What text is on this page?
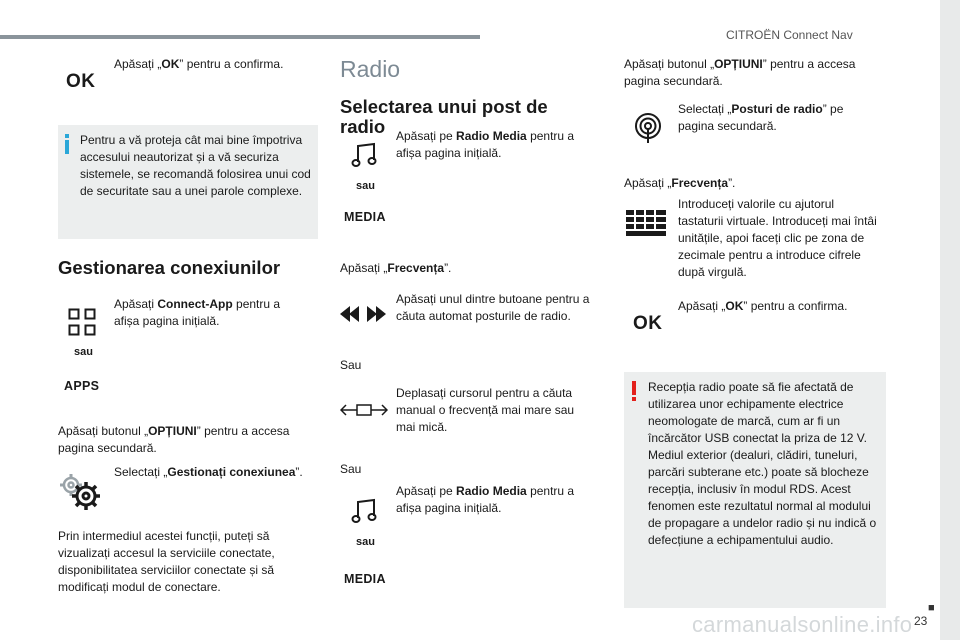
CITROËN Connect Nav
■
23
OK
Apăsați „OK” pentru a confirma.
Pentru a vă proteja cât mai bine împotriva accesului neautorizat și a vă securiza sistemele, se recomandă folosirea unui cod de securitate sau a unei parole complexe.
Gestionarea conexiunilor
Apăsați Connect-App pentru a afișa pagina inițială.
sau
APPS
Apăsați butonul „OPȚIUNI” pentru a accesa pagina secundară.
Selectați „Gestionați conexiunea”.
Prin intermediul acestei funcții, puteți să vizualizați accesul la serviciile conectate, disponibilitatea serviciilor conectate și să modificați modul de conectare.
Radio
Selectarea unui post de
radio Apăsați pe Radio Media pentru a afișa pagina inițială.
sau
MEDIA
Apăsați „Frecvența”.
Apăsați unul dintre butoane pentru a căuta automat posturile de radio.
Sau
Deplasați cursorul pentru a căuta manual o frecvență mai mare sau mai mică.
Sau
Apăsați pe Radio Media pentru a afișa pagina inițială.
sau
MEDIA
Apăsați butonul „OPȚIUNI” pentru a accesa pagina secundară.
Selectați „Posturi de radio” pe pagina secundară.
Apăsați „Frecvența”.
Introduceți valorile cu ajutorul tastaturii virtuale. Introduceți mai întâi unitățile, apoi faceți clic pe zona de zecimale pentru a introduce cifrele după virgulă.
OK
Apăsați „OK” pentru a confirma.
Recepția radio poate să fie afectată de utilizarea unor echipamente electrice neomologate de marcă, cum ar fi un încărcător USB conectat la priza de 12 V. Mediul exterior (dealuri, clădiri, tuneluri, parcări subterane etc.) poate să blocheze recepția, inclusiv în modul RDS. Acest fenomen este rezultatul normal al modului de propagare a undelor radio și nu indică o defecțiune a echipamentului audio.
carmanualsonline.info
